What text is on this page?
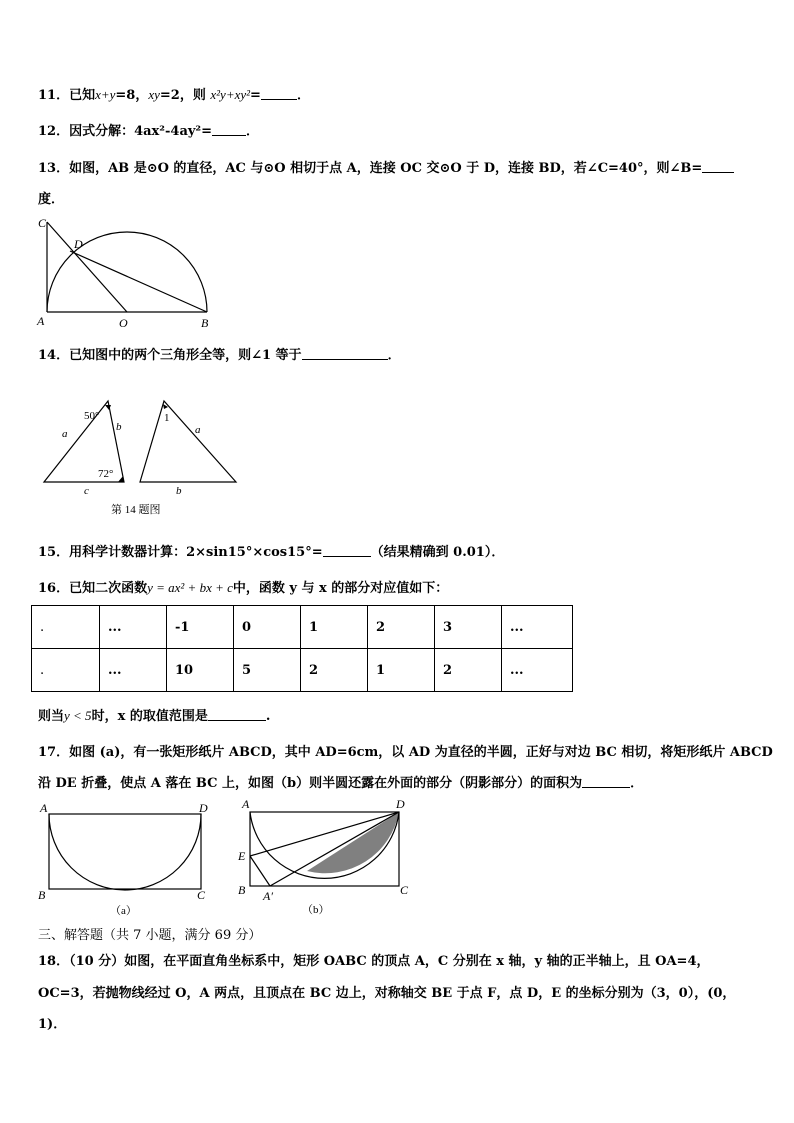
11．已知x+y=8，xy=2，则 x²y+xy²=	．
12．因式分解：4ax²-4ay²=	．
13．如图，AB 是⊙O 的直径，AC 与⊙O 相切于点 A，连接 OC 交⊙O 于 D，连接 BD，若∠C=40°，则∠B=
度．
C
D
A	O	B
14．已知图中的两个三角形全等，则∠1 等于	．
50°
72°
a
b
c
1
a
b
第 14 题图
15．用科学计数器计算：2×sin15°×cos15°=	（结果精确到 0.01）．
16．已知二次函数y = ax² + bx + c中，函数 y 与 x 的部分对应值如下：
.	...	-1	0	1	2	3	...
.	...	10	5	2	1	2	...
则当y < 5时，x 的取值范围是	.
17．如图 (a)，有一张矩形纸片 ABCD，其中 AD=6cm，以 AD 为直径的半圆，正好与对边 BC 相切，将矩形纸片 ABCD
沿 DE 折叠，使点 A 落在 BC 上，如图（b）则半圆还露在外面的部分（阴影部分）的面积为	．
A	D
B	C
（a）
A	D
E
B A′	C
（b）
三、解答题（共 7 小题，满分 69 分）
18．（10 分）如图，在平面直角坐标系中，矩形 OABC 的顶点 A，C 分别在 x 轴，y 轴的正半轴上，且 OA=4，
OC=3，若抛物线经过 O，A 两点，且顶点在 BC 边上，对称轴交 BE 于点 F，点 D，E 的坐标分别为（3，0），(0，
1)．
